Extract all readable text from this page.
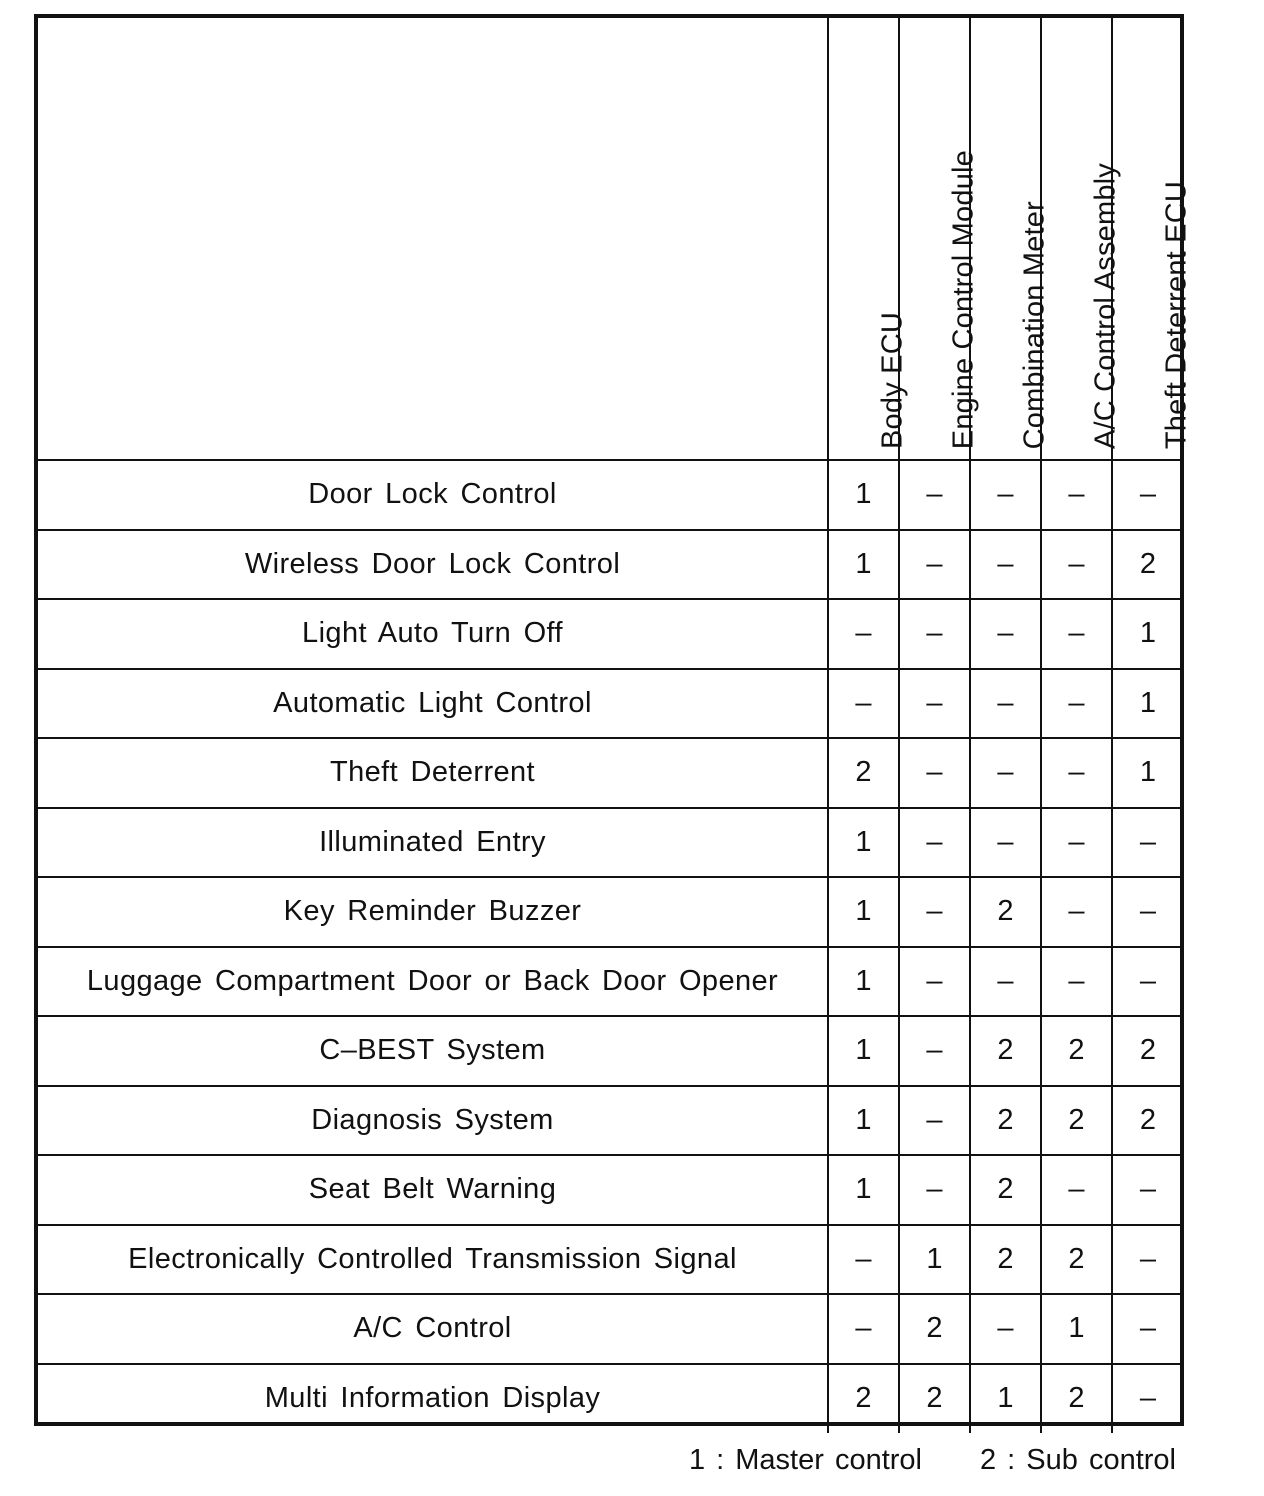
	Body ECU	Engine Control Module	Combination Meter	A/C Control Assembly	Theft Deterrent ECU

Door Lock Control	1	–	–	–	–
Wireless Door Lock Control	1	–	–	–	2
Light Auto Turn Off	–	–	–	–	1
Automatic Light Control	–	–	–	–	1
Theft Deterrent	2	–	–	–	1
Illuminated Entry	1	–	–	–	–
Key Reminder Buzzer	1	–	2	–	–
Luggage Compartment Door or Back Door Opener	1	–	–	–	–
C–BEST System	1	–	2	2	2
Diagnosis System	1	–	2	2	2
Seat Belt Warning	1	–	2	–	–
Electronically Controlled Transmission Signal	–	1	2	2	–
A/C Control	–	2	–	1	–
Multi Information Display	2	2	1	2	–
1 : Master control 2 : Sub control
